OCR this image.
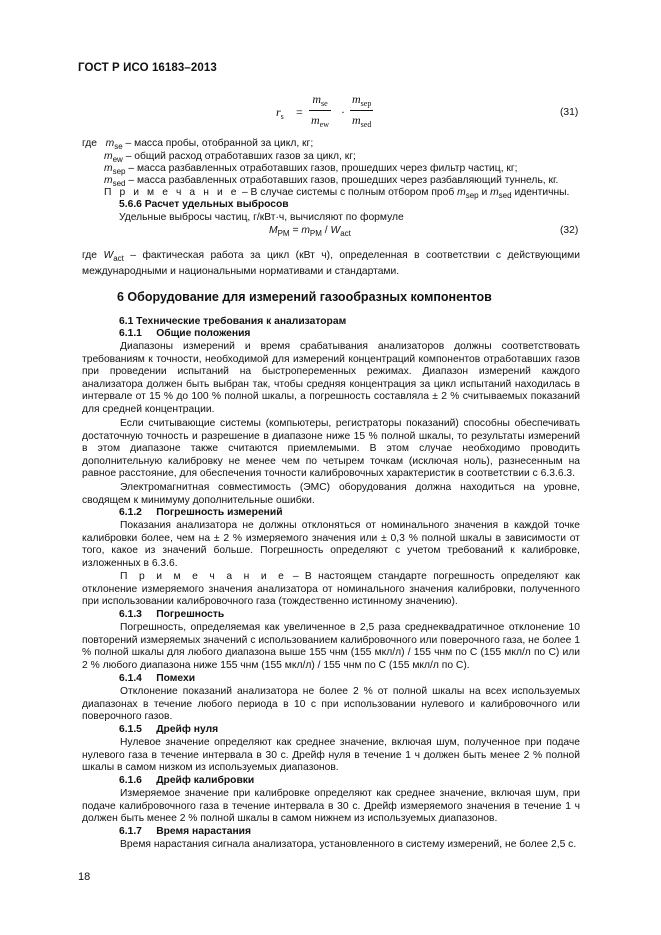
ГОСТ Р ИСО 16183–2013
$r_s$ =
$m_{se}$
$m_{ew}$
·
$m_{sep}$
$m_{sed}$
(31)
где $m_{se}$ – масса пробы, отобранной за цикл, кг;
$m_{ew}$ – общий расход отработавших газов за цикл, кг;
$m_{sep}$ – масса разбавленных отработавших газов, прошедших через фильтр частиц, кг;
$m_{sed}$ – масса разбавленных отработавших газов, прошедших через разбавляющий туннель, кг.
П р и м е ч а н и е – В случае системы с полным отбором проб $m_{sep}$ и $m_{sed}$ идентичны.
5.6.6 Расчет удельных выбросов
Удельные выбросы частиц, г/кВт·ч, вычисляют по формуле
$M_{PM} = m_{PM} / W_{act}$	(32)
где $W_{act}$ – фактическая работа за цикл (кВт ч), определенная в соответствии с действующими международными и национальными нормативами и стандартами.
6 Оборудование для измерений газообразных компонентов
6.1 Технические требования к анализаторам
6.1.1     Общие положения
Диапазоны измерений и время срабатывания анализаторов должны соответствовать требованиям к точности, необходимой для измерений концентраций компонентов отработавших газов при проведении испытаний на быстропеременных режимах. Диапазон измерений каждого анализатора должен быть выбран так, чтобы средняя концентрация за цикл испытаний находилась в интервале от 15 % до 100 % полной шкалы, а погрешность составляла ± 2 % считываемых показаний для средней концентрации.
Если считывающие системы (компьютеры, регистраторы показаний) способны обеспечивать достаточную точность и разрешение в диапазоне ниже 15 % полной шкалы, то результаты измерений в этом диапазоне также считаются приемлемыми. В этом случае необходимо проводить дополнительную калибровку не менее чем по четырем точкам (исключая ноль), разнесенным на равное расстояние, для обеспечения точности калибровочных характеристик в соответствии с 6.3.6.3.
Электромагнитная совместимость (ЭМС) оборудования должна находиться на уровне, сводящем к минимуму дополнительные ошибки.
6.1.2     Погрешность измерений
Показания анализатора не должны отклоняться от номинального значения в каждой точке калибровки более, чем на ± 2 % измеряемого значения или ± 0,3 % полной шкалы в зависимости от того, какое из значений больше. Погрешность определяют с учетом требований к калибровке, изложенных в 6.3.6.
П р и м е ч а н и е – В настоящем стандарте погрешность определяют как отклонение измеряемого значения анализатора от номинального значения калибровки, полученного при использовании калибровочного газа (тождественно истинному значению).
6.1.3     Погрешность
Погрешность, определяемая как увеличенное в 2,5 раза среднеквадратичное отклонение 10 повторений измеряемых значений с использованием калибровочного или поверочного газа, не более 1 % полной шкалы для любого диапазона выше 155 чнм (155 мкл/л) / 155 чнм по С (155 мкл/л по С) или 2 % любого диапазона ниже 155 чнм (155 мкл/л) / 155 чнм по С (155 мкл/л по С).
6.1.4     Помехи
Отклонение показаний анализатора не более 2 % от полной шкалы на всех используемых диапазонах в течение любого периода в 10 с при использовании нулевого и калибровочного или поверочного газов.
6.1.5     Дрейф нуля
Нулевое значение определяют как среднее значение, включая шум, полученное при подаче нулевого газа в течение интервала в 30 с. Дрейф нуля в течение 1 ч должен быть менее 2 % полной шкалы в самом низком из используемых диапазонов.
6.1.6     Дрейф калибровки
Измеряемое значение при калибровке определяют как среднее значение, включая шум, при подаче калибровочного газа в течение интервала в 30 с. Дрейф измеряемого значения в течение 1 ч должен быть менее 2 % полной шкалы в самом нижнем из используемых диапазонов.
6.1.7     Время нарастания
Время нарастания сигнала анализатора, установленного в систему измерений, не более 2,5 с.
18
